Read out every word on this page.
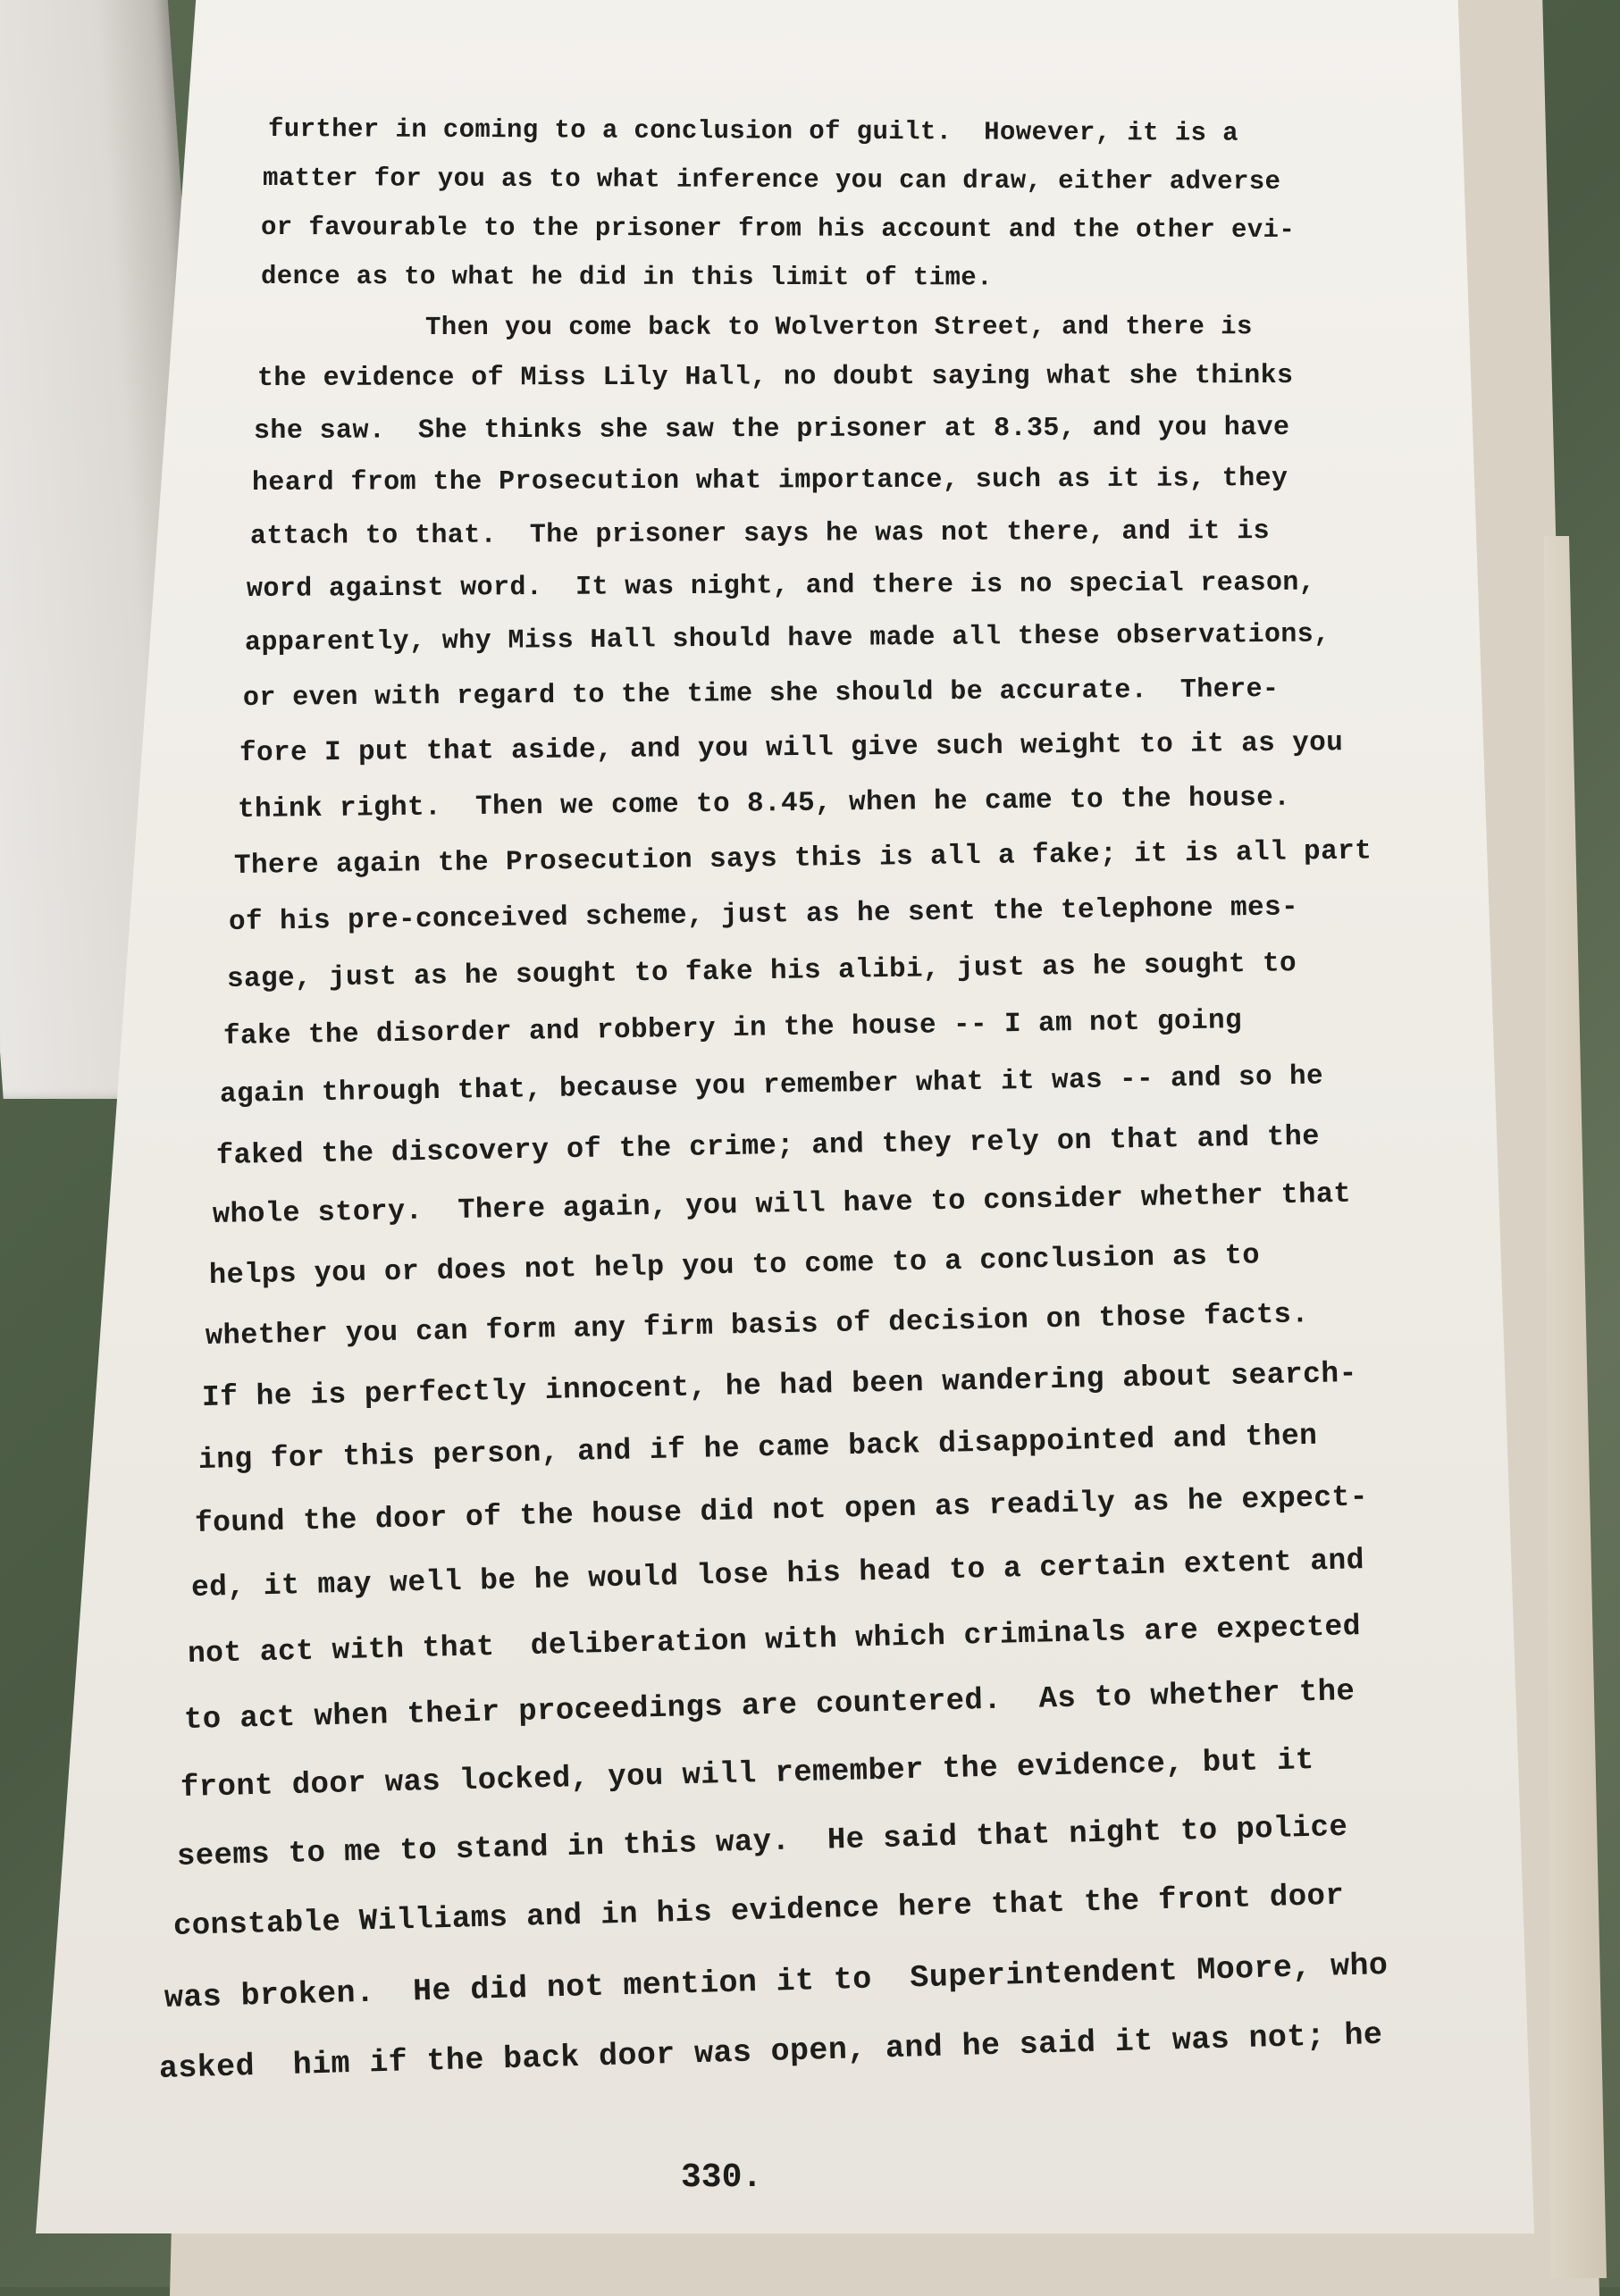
further in coming to a conclusion of guilt.  However, it is a
matter for you as to what inference you can draw, either adverse
or favourable to the prisoner from his account and the other evi-
dence as to what he did in this limit of time.
Then you come back to Wolverton Street, and there is
the evidence of Miss Lily Hall, no doubt saying what she thinks
she saw.  She thinks she saw the prisoner at 8.35, and you have
heard from the Prosecution what importance, such as it is, they
attach to that.  The prisoner says he was not there, and it is
word against word.  It was night, and there is no special reason,
apparently, why Miss Hall should have made all these observations,
or even with regard to the time she should be accurate.  There-
fore I put that aside, and you will give such weight to it as you
think right.  Then we come to 8.45, when he came to the house.
There again the Prosecution says this is all a fake; it is all part
of his pre-conceived scheme, just as he sent the telephone mes-
sage, just as he sought to fake his alibi, just as he sought to
fake the disorder and robbery in the house -- I am not going
again through that, because you remember what it was -- and so he
faked the discovery of the crime; and they rely on that and the
whole story.  There again, you will have to consider whether that
helps you or does not help you to come to a conclusion as to
whether you can form any firm basis of decision on those facts.
If he is perfectly innocent, he had been wandering about search-
ing for this person, and if he came back disappointed and then
found the door of the house did not open as readily as he expect-
ed, it may well be he would lose his head to a certain extent and
not act with that  deliberation with which criminals are expected
to act when their proceedings are countered.  As to whether the
front door was locked, you will remember the evidence, but it
seems to me to stand in this way.  He said that night to police
constable Williams and in his evidence here that the front door
was broken.  He did not mention it to  Superintendent Moore, who
asked  him if the back door was open, and he said it was not; he
330.
